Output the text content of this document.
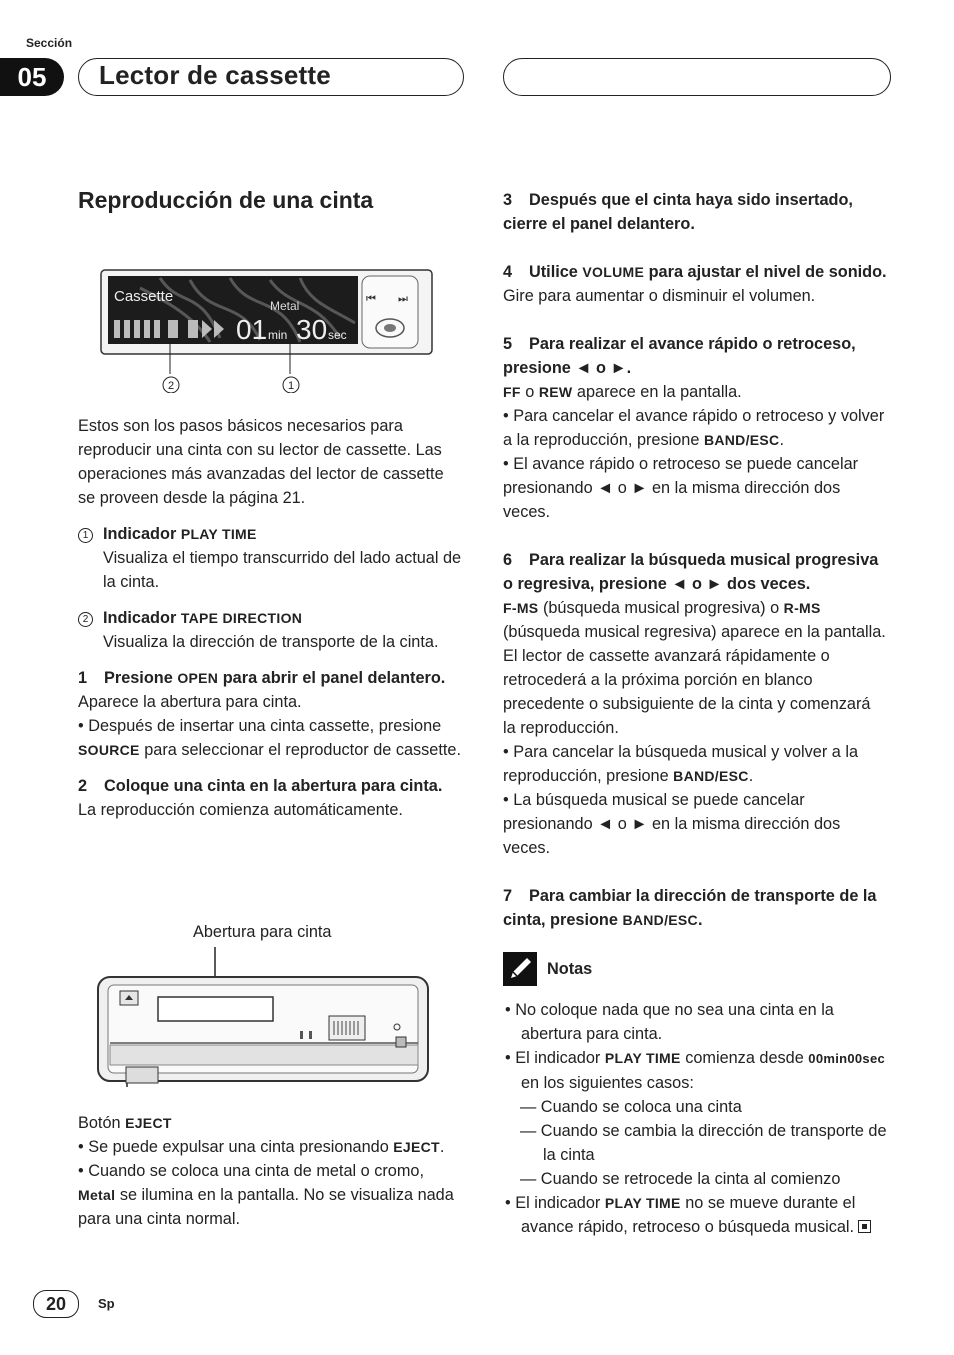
Sección
05	Lector de cassette
Reproducción de una cinta
Cassette
Metal
01 min 30 sec
⏮ ⏭
2	1

Estos son los pasos básicos necesarios para reproducir una cinta con su lector de cassette. Las operaciones más avanzadas del lector de cassette se proveen desde la página 21.

1 Indicador PLAY TIME

Visualiza el tiempo transcurrido del lado actual de la cinta.

2 Indicador TAPE DIRECTION

Visualiza la dirección de transporte de la cinta.

1 Presione OPEN para abrir el panel delantero.

Aparece la abertura para cinta.

• Después de insertar una cinta cassette, presione SOURCE para seleccionar el reproductor de cassette.

2 Coloque una cinta en la abertura para cinta.

La reproducción comienza automáticamente.

Abertura para cinta

Botón EJECT

• Se puede expulsar una cinta presionando EJECT.

• Cuando se coloca una cinta de metal o cromo, Metal se ilumina en la pantalla. No se visualiza nada para una cinta normal.

3 Después que el cinta haya sido insertado, cierre el panel delantero.

4 Utilice VOLUME para ajustar el nivel de sonido.

Gire para aumentar o disminuir el volumen.

5 Para realizar el avance rápido o retroceso, presione ◄ o ►.

FF o REW aparece en la pantalla.

• Para cancelar el avance rápido o retroceso y volver a la reproducción, presione BAND/ESC.

• El avance rápido o retroceso se puede cancelar presionando ◄ o ► en la misma dirección dos veces.

6 Para realizar la búsqueda musical progresiva o regresiva, presione ◄ o ► dos veces.

F-MS (búsqueda musical progresiva) o R-MS (búsqueda musical regresiva) aparece en la pantalla. El lector de cassette avanzará rápidamente o retrocederá a la próxima porción en blanco precedente o subsiguiente de la cinta y comenzará la reproducción.

• Para cancelar la búsqueda musical y volver a la reproducción, presione BAND/ESC.

• La búsqueda musical se puede cancelar presionando ◄ o ► en la misma dirección dos veces.

7 Para cambiar la dirección de transporte de la cinta, presione BAND/ESC.

Notas

• No coloque nada que no sea una cinta en la abertura para cinta.

• El indicador PLAY TIME comienza desde 00min00sec en los siguientes casos:

— Cuando se coloca una cinta

— Cuando se cambia la dirección de transporte de la cinta

— Cuando se retrocede la cinta al comienzo

• El indicador PLAY TIME no se mueve durante el avance rápido, retroceso o búsqueda musical.

20	Sp
